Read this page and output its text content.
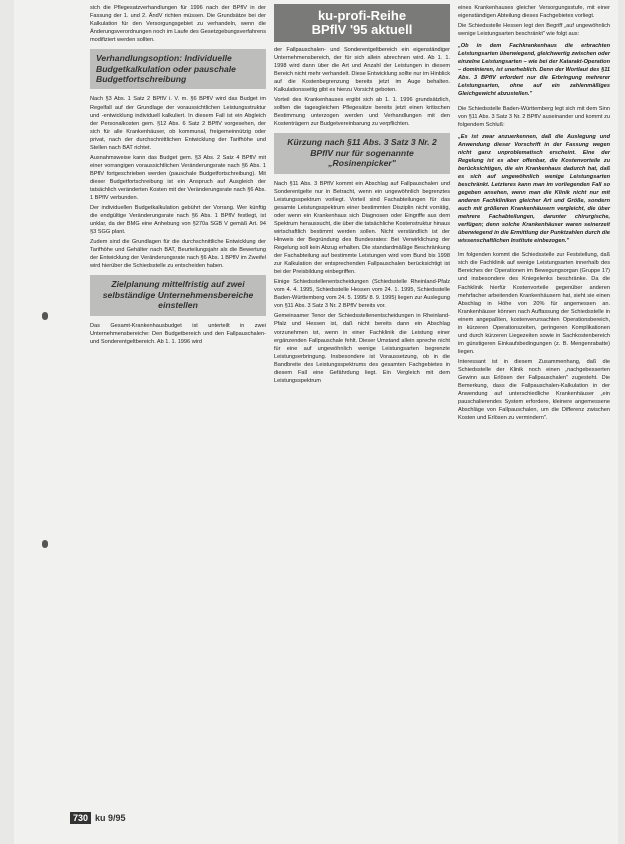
sich die Pflegesatzverhandlungen für 1996 nach der BPflV in der Fassung der 1. und 2. ÄndV richten müssen. Die Grundsätze bei der Kalkulation für den Versorgungsgebiet zu verhandeln, wenn die Änderungsverordnungen noch im Laufe des Gesetzgebungsverfahrens modifiziert werden sollten.

Verhandlungsoption: Individuelle Budgetkalkulation oder pauschale Budgetfortschreibung

Nach §3 Abs. 1 Satz 2 BPflV i. V. m. §6 BPflV wird das Budget im Regelfall auf der Grundlage der voraussichtlichen Leistungsstruktur und -entwicklung individuell kalkuliert. In diesem Fall ist ein Abgleich der Personalkosten gem. §12 Abs. 6 Satz 2 BPflV vorgesehen, der sich für alle Krankenhäuser, ob kommunal, freigemeinnützig oder privat, nach der durchschnittlichen Entwicklung der Tarifhöhe und Stellen nach BAT richtet.

Ausnahmsweise kann das Budget gem. §3 Abs. 2 Satz 4 BPflV mit einer vorrangigen voraussichtlichen Veränderungsrate nach §6 Abs. 1 BPflV fortgeschrieben werden (pauschale Budgetfortschreibung). Mit dieser Budgetfortschreibung ist ein Anspruch auf Ausgleich der tatsächlich veränderten Kosten mit der Veränderungsrate nach §6 Abs. 1 BPflV verbunden.

Der individuellen Budgetkalkulation gebührt der Vorrang. Wer künftig die endgültige Veränderungsrate nach §6 Abs. 1 BPflV festlegt, ist unklar, da der BMG eine Anhebung von §270a SGB V gemäß Art. 94 §3 SGG plant.

Zudem sind die Grundlagen für die durchschnittliche Entwicklung der Tarifhöhe und Gehälter nach BAT, Beurteilungsjahr als die Bewertung der Entwicklung der Veränderungsrate nach §6 Abs. 1 BPflV im Zweifel wird hierüber die Schiedsstelle zu entscheiden haben.

Zielplanung mittelfristig auf zwei selbständige Unternehmensbereiche einstellen

Das Gesamt-Krankenhausbudget ist unterteilt in zwei Unternehmensbereiche: Den Budgetbereich und den Fallpauschalen- und Sonderentgeltbereich. Ab 1. 1. 1996 wird

ku-profi-Reihe
BPflV '95 aktuell

der Fallpauschalen- und Sonderentgeltbereich ein eigenständiger Unternehmensbereich, der für sich allein abrechnen wird. Ab 1. 1. 1998 wird dann über die Art und Anzahl der Leistungen in diesem Bereich nicht mehr verhandelt. Diese Entwicklung sollte nur im Hinblick auf die Kostenbegrenzung bereits jetzt im Auge behalten. Kalkulationsseitig gibt es hierzu Vorsicht geboten.

Vorteil des Krankenhauses ergibt sich ab 1. 1. 1996 grundsätzlich, sollten die tagesgleichen Pflegesätze bereits jetzt einen kritischen Bestimmung unterzogen werden und Verhandlungen mit den Kostenträgern zur Budgetvereinbarung zu verpflichten.

Kürzung nach §11 Abs. 3 Satz 3 Nr. 2 BPflV nur für sogenannte „Rosinenpicker"

Nach §11 Abs. 3 BPflV kommt ein Abschlag auf Fallpauschalen und Sonderentgelte nur in Betracht, wenn ein ungewöhnlich begrenztes Leistungsspektrum vorliegt. Vorteil sind Fachabteilungen für das gesamte Leistungsspektrum einer bestimmten Disziplin nicht vorrätig, oder wenn ein Krankenhaus sich Diagnosen oder Eingriffe aus dem Spektrum heraussucht, die über die tatsächliche Kostenstruktur hinaus wirtschaftlich bestimmt werden sollen. Nicht verständlich ist der Hinweis der Begründung des Bundesrates: Bei Verwirklichung der Regelung soll kein Abzug erhalten. Die standardmäßige Beschränkung der Fachabteilung auf bestimmte Leistungen wird vom Bund bis 1998 zur Kalkulation der entsprechenden Fallpauschalen berücksichtigt ist bei der Preisbildung einbegriffen.

Einige Schiedsstellenentscheidungen (Schiedsstelle Rheinland-Pfalz vom 4. 4. 1995, Schiedsstelle Hessen vom 24. 1. 1995, Schiedsstelle Baden-Württemberg vom 24. 5. 1995/ 8. 9. 1995) liegen zur Auslegung von §11 Abs. 3 Satz 3 Nr. 2 BPflV bereits vor.

Gemeinsamer Tenor der Schiedsstellenentscheidungen in Rheinland-Pfalz und Hessen ist, daß nicht bereits dann ein Abschlag vorzunehmen ist, wenn in einer Fachklinik die Leistung einer ergänzenden Fallpauschale fehlt. Dieser Umstand allein spreche nicht für eine auf ungewöhnlich wenige Leistungsarten begrenzte Leistungserbringung. Insbesondere ist Voraussetzung, ob in die Bandbreite des Leistungsspektrums des gesamten Fachgebietes in diesem Fall eine Gefährdung liegt. Ein Vergleich mit dem Leistungsspektrum

eines Krankenhauses gleicher Versorgungsstufe, mit einer eigenständigen Abteilung dieses Fachgebietes vorliegt.

Die Schiedsstelle Hessen legt den Begriff „auf ungewöhnlich wenige Leistungsarten beschränkt" wie folgt aus:

„Ob in dem Fachkrankenhaus die erbrachten Leistungsarten überwiegend, gleichwertig zwischen oder einzelne Leistungsarten – wie bei der Katarakt-Operation – dominieren, ist unerheblich. Denn der Wortlaut des §11 Abs. 3 BPflV erfordert nur die Erbringung mehrerer Leistungsarten, ohne auf ein zahlenmäßiges Gleichgewicht abzustellen."

Die Schiedsstelle Baden-Württemberg legt sich mit dem Sinn von §11 Abs. 3 Satz 3 Nr. 2 BPflV auseinander und kommt zu folgendem Schluß:

„Es ist zwar anzuerkennen, daß die Auslegung und Anwendung dieser Vorschrift in der Fassung wegen nicht ganz unproblematisch erscheint. Eine der Regelung ist es aber offenbar, die Kostenvorteile zu berücksichtigen, die ein Krankenhaus dadurch hat, daß es sich auf ungewöhnlich wenige Leistungsarten beschränkt. Letzteres kann man im vorliegenden Fall so gegeben ansehen, wenn man die Klinik nicht nur mit anderen Fachkliniken gleicher Art und Größe, sondern auch mit größeren Krankenhäusern vergleicht, die über mehrere Fachabteilungen, darunter chirurgische, verfügen; denn solche Krankenhäuser waren seinerzeit überwiegend in die Ermittlung der Punktzahlen durch die wissenschaftlichen Institute einbezogen."

Im folgenden kommt die Schiedsstelle zur Feststellung, daß sich die Fachklinik auf wenige Leistungsarten innerhalb des Bereiches der Operationen im Bewegungsorgan (Gruppe 17) und insbesondere des Kniegelenks beschränke. Da die Fachklinik hierfür Kostenvorteile gegenüber anderen mehrfacher arbeitenden Krankenhäusern hat, sieht sie einen Abschlag in Höhe von 20% für angemessen an. Krankenhäuser können nach Auffassung der Schiedsstelle in einem angepaßten, kostenverursachten Operationsbereich, in kürzeren Operationszeiten, geringeren Komplikationen und durch kürzeren Liegezeiten sowie in Sachkostenbereich im günstigeren Einkaufsbedingungen (z. B. Mengenrabatte) liegen.

Interessant ist in diesem Zusammenhang, daß die Schiedsstelle der Klinik noch einen „nachgebesserten Gewinn aus Erlösen der Fallpauschalen" zugesteht. Die Bemerkung, dass die Fallpauschalen-Kalkulation in der Anwendung auf unterschiedliche Krankenhäuser „ein pauschalierendes System erfordere, kleinere angemessene Abschläge von Fallpauschalen, um die Differenz zwischen Kosten und Erlösen zu vermindern".

730 ku 9/95
